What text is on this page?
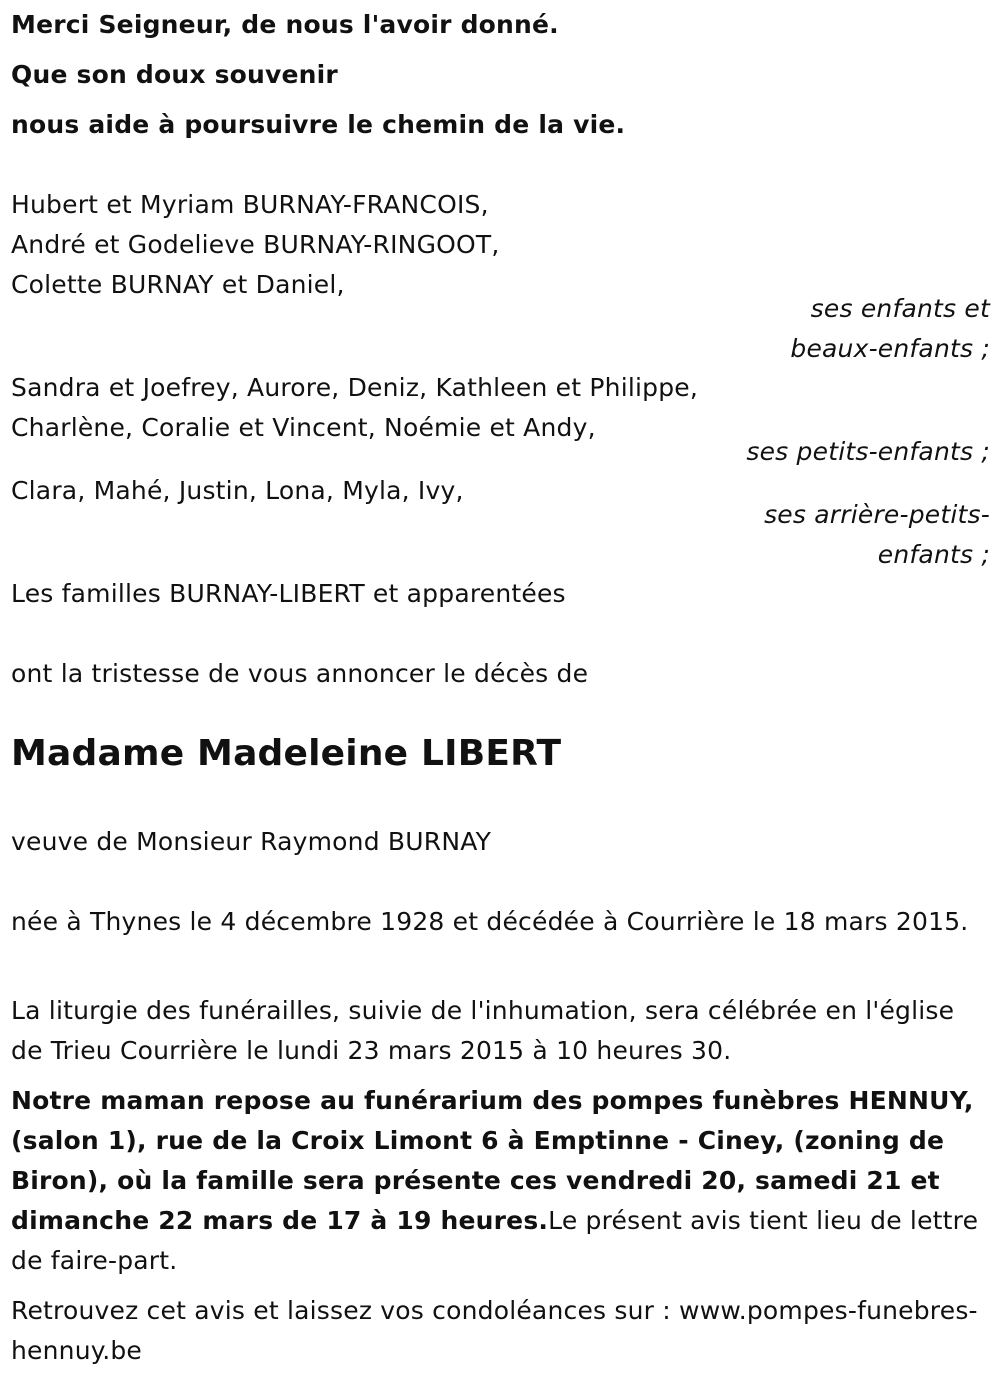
Merci Seigneur, de nous l'avoir donné.
Que son doux souvenir
nous aide à poursuivre le chemin de la vie.
Hubert et Myriam BURNAY-FRANCOIS,
André et Godelieve BURNAY-RINGOOT,
Colette BURNAY et Daniel,
ses enfants et
beaux-enfants ;
Sandra et Joefrey, Aurore, Deniz, Kathleen et Philippe,
Charlène, Coralie et Vincent, Noémie et Andy,
ses petits-enfants ;
Clara, Mahé, Justin, Lona, Myla, Ivy,
ses arrière-petits-
enfants ;
Les familles BURNAY-LIBERT et apparentées
ont la tristesse de vous annoncer le décès de
Madame Madeleine LIBERT
veuve de Monsieur Raymond BURNAY
née à Thynes le 4 décembre 1928 et décédée à Courrière le 18 mars 2015.
La liturgie des funérailles, suivie de l'inhumation, sera célébrée en l'église de Trieu Courrière le lundi 23 mars 2015 à 10 heures 30.
Notre maman repose au funérarium des pompes funèbres HENNUY, (salon 1), rue de la Croix Limont 6 à Emptinne - Ciney, (zoning de Biron), où la famille sera présente ces vendredi 20, samedi 21 et dimanche 22 mars de 17 à 19 heures.Le présent avis tient lieu de lettre de faire-part.
Retrouvez cet avis et laissez vos condoléances sur : www.pompes-funebres-hennuy.be
